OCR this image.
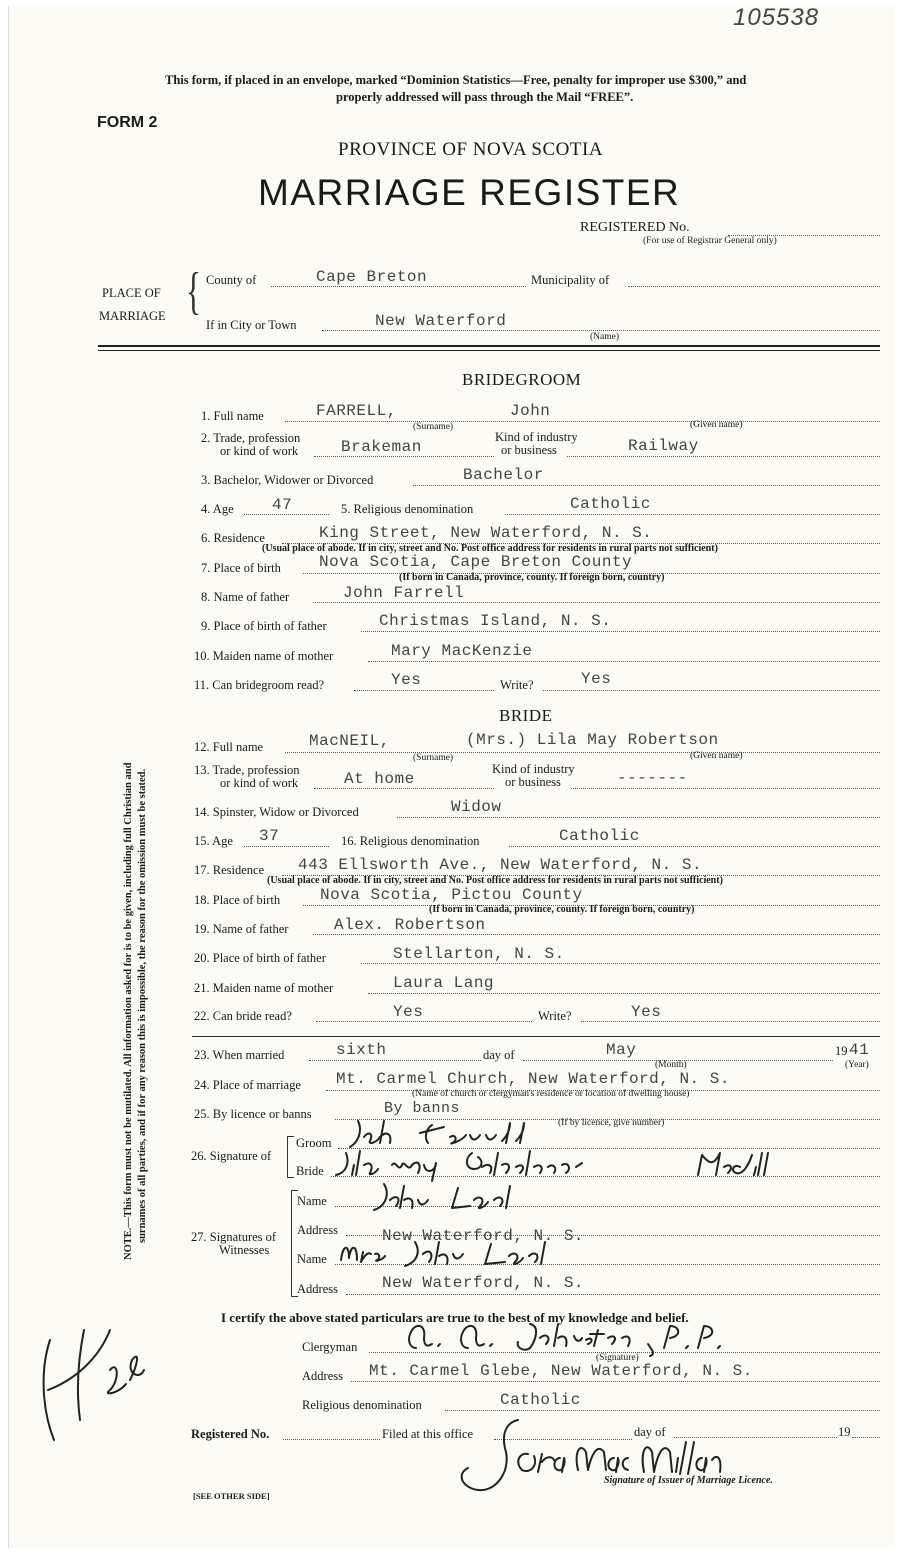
105538
This form, if placed in an envelope, marked “Dominion Statistics—Free, penalty for improper use $300,” and
properly addressed will pass through the Mail “FREE”.
FORM 2
PROVINCE OF NOVA SCOTIA
MARRIAGE REGISTER
REGISTERED No.
(For use of Registrar General only)
PLACE OF
MARRIAGE { County of	Cape Breton	Municipality of
If in City or Town	New Waterford
(Name)
NOTE.—This form must not be mutilated. All information asked for is to be given, including full Christian and surnames of all parties, and if for any reason this is impossible, the reason for the omission must be stated.
BRIDEGROOM
1. Full name	FARRELL,	John
(Surname)	(Given name)
2. Trade, profession
or kind of work	Brakeman
Kind of industry
or business	Railway
3. Bachelor, Widower or Divorced	Bachelor
4. Age 47	5. Religious denomination	Catholic
6. Residence	King Street, New Waterford, N. S.
(Usual place of abode. If in city, street and No. Post office address for residents in rural parts not sufficient)
7. Place of birth Nova Scotia, Cape Breton County
(If born in Canada, province, county. If foreign born, country)
8. Name of father	John Farrell
9. Place of birth of father	Christmas Island, N. S.
10. Maiden name of mother	Mary MacKenzie
11. Can bridegroom read?	Yes	Write?	Yes
BRIDE
12. Full name	MacNEIL,	(Mrs.) Lila May Robertson
(Surname)	(Given name)
13. Trade, profession
or kind of work	At home
Kind of industry
or business	-------
14. Spinster, Widow or Divorced	Widow
15. Age 37	16. Religious denomination	Catholic
17. Residence 443 Ellsworth Ave., New Waterford, N. S.
(Usual place of abode. If in city, street and No. Post office address for residents in rural parts not sufficient)
18. Place of birth Nova Scotia, Pictou County
(If born in Canada, province, county. If foreign born, country)
19. Name of father	Alex. Robertson
20. Place of birth of father	Stellarton, N. S.
21. Maiden name of mother	Laura Lang
22. Can bride read?	Yes	Write?	Yes
23. When married	sixth	day of	May	19 41
(Month)	(Year)
24. Place of marriage Mt. Carmel Church, New Waterford, N. S.
(Name of church or clergyman's residence or location of dwelling house)
25. By licence or banns	By banns
(If by licence, give number)
26. Signature of
Groom
Bride
27. Signatures of
Witnesses
Name
Address	New Waterford, N. S.
Name
Address	New Waterford, N. S.
I certify the above stated particulars are true to the best of my knowledge and belief.
Clergyman
(Signature)
Address Mt. Carmel Glebe, New Waterford, N. S.
Religious denomination	Catholic
Registered No.	Filed at this office	day of	19
Signature of Issuer of Marriage Licence.
[SEE OTHER SIDE]
